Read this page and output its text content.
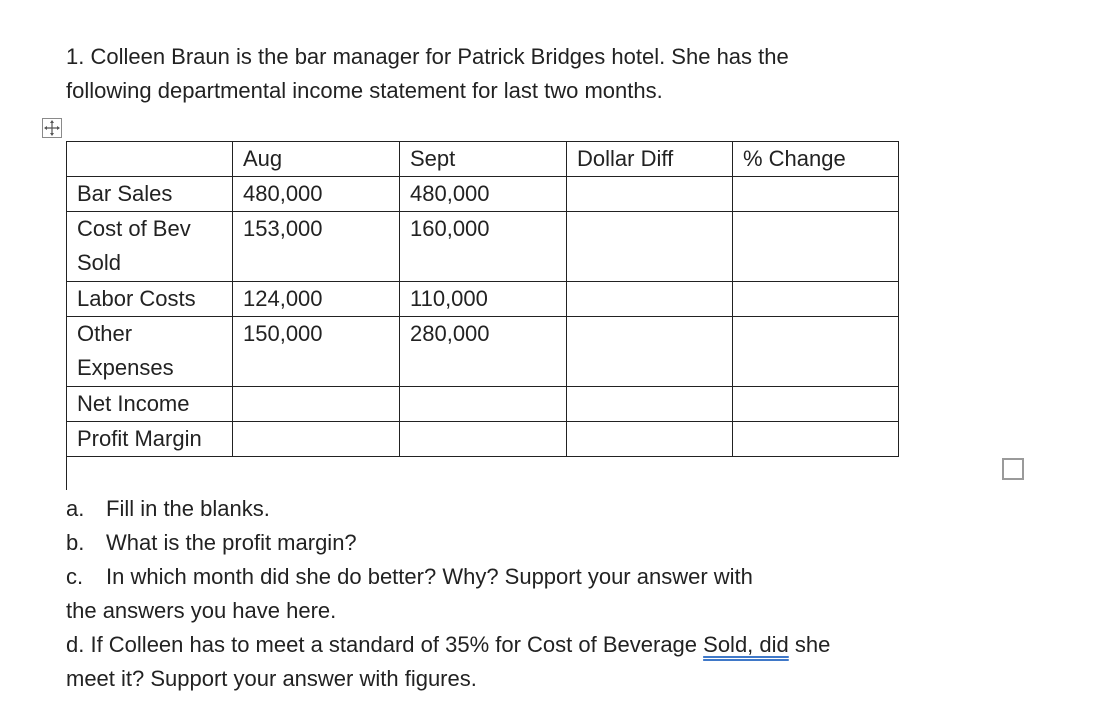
1. Colleen Braun is the bar manager for Patrick Bridges hotel. She has the
following departmental income statement for last two months.

	Aug	Sept	Dollar Diff	% Change
Bar Sales	480,000	480,000		
Cost of Bev Sold	153,000	160,000		
Labor Costs	124,000	110,000		
Other Expenses	150,000	280,000		
Net Income				
Profit Margin				
a. Fill in the blanks.
b. What is the profit margin?
c. In which month did she do better? Why? Support your answer with
the answers you have here.
d. If Colleen has to meet a standard of 35% for Cost of Beverage Sold, did she
meet it? Support your answer with figures.
